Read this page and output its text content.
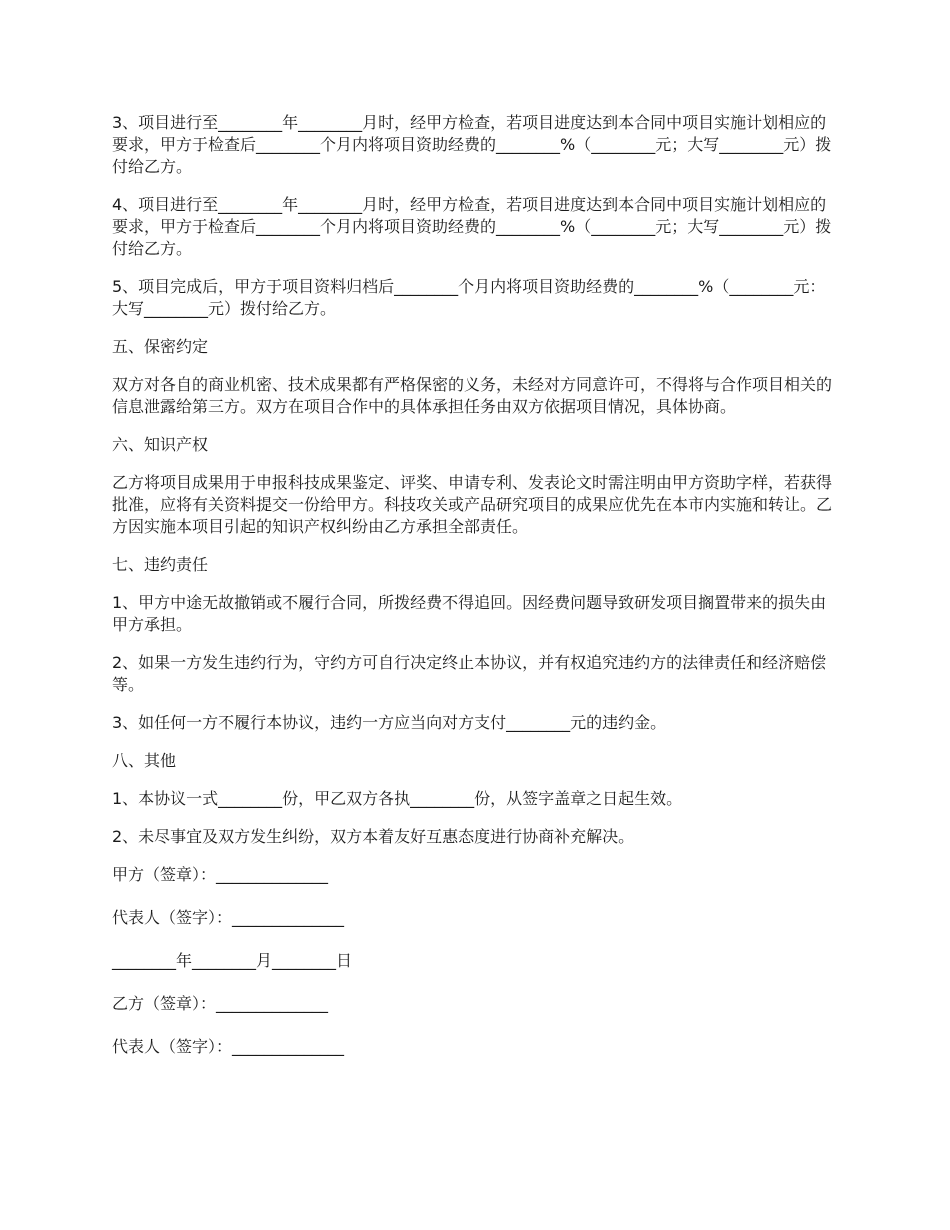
3、项目进行至________年________月时，经甲方检查，若项目进度达到本合同中项目实施计划相应的要求，甲方于检查后________个月内将项目资助经费的________%（________元；大写________元）拨付给乙方。

4、项目进行至________年________月时，经甲方检查，若项目进度达到本合同中项目实施计划相应的要求，甲方于检查后________个月内将项目资助经费的________%（________元；大写________元）拨付给乙方。

5、项目完成后，甲方于项目资料归档后________个月内将项目资助经费的________%（________元：大写________元）拨付给乙方。

五、保密约定

双方对各自的商业机密、技术成果都有严格保密的义务，未经对方同意许可，不得将与合作项目相关的信息泄露给第三方。双方在项目合作中的具体承担任务由双方依据项目情况，具体协商。

六、知识产权

乙方将项目成果用于申报科技成果鉴定、评奖、申请专利、发表论文时需注明由甲方资助字样，若获得批准，应将有关资料提交一份给甲方。科技攻关或产品研究项目的成果应优先在本市内实施和转让。乙方因实施本项目引起的知识产权纠纷由乙方承担全部责任。

七、违约责任

1、甲方中途无故撤销或不履行合同，所拨经费不得追回。因经费问题导致研发项目搁置带来的损失由甲方承担。

2、如果一方发生违约行为，守约方可自行决定终止本协议，并有权追究违约方的法律责任和经济赔偿等。

3、如任何一方不履行本协议，违约一方应当向对方支付________元的违约金。

八、其他

1、本协议一式________份，甲乙双方各执________份，从签字盖章之日起生效。

2、未尽事宜及双方发生纠纷，双方本着友好互惠态度进行协商补充解决。

甲方（签章）：______________

代表人（签字）：______________

________年________月________日

乙方（签章）：______________

代表人（签字）：______________
